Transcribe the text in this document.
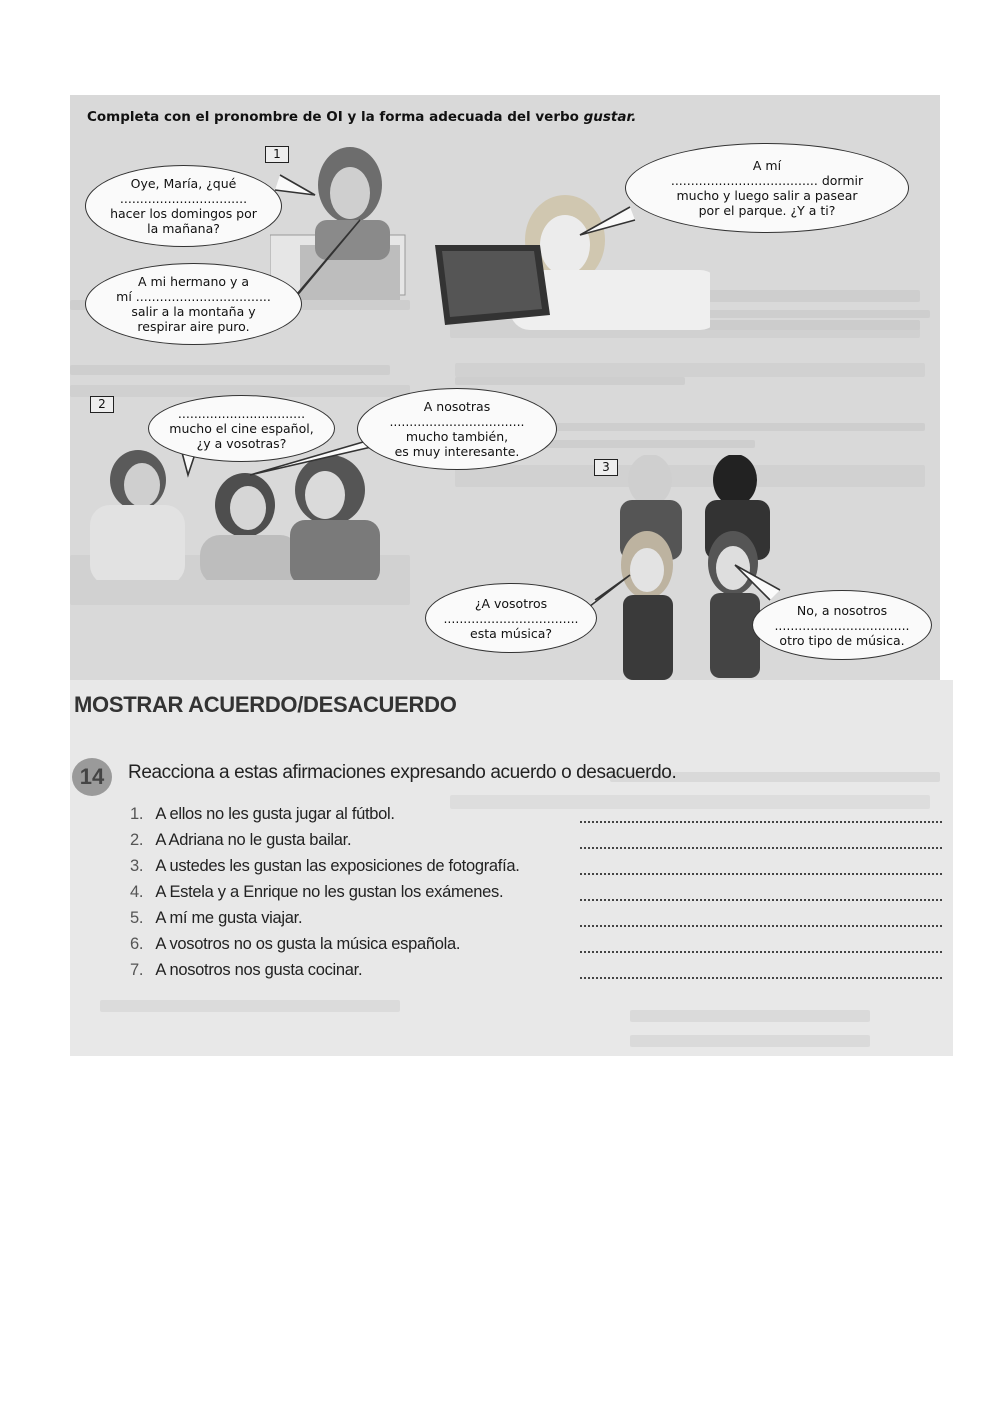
Completa con el pronombre de OI y la forma adecuada del verbo gustar.
1
2
3
Oye, María, ¿qué
................................
hacer los domingos por
la mañana?
A mí
..................................... dormir
mucho y luego salir a pasear
por el parque. ¿Y a ti?
A mi hermano y a
mí ..................................
salir a la montaña y
respirar aire puro.
................................
mucho el cine español,
¿y a vosotras?
A nosotras
..................................
mucho también,
es muy interesante.
¿A vosotros
..................................
esta música?
No, a nosotros
..................................
otro tipo de música.
MOSTRAR ACUERDO/DESACUERDO
14	Reacciona a estas afirmaciones expresando acuerdo o desacuerdo.
1. A ellos no les gusta jugar al fútbol.
2. A Adriana no le gusta bailar.
3. A ustedes les gustan las exposiciones de fotografía.
4. A Estela y a Enrique no les gustan los exámenes.
5. A mí me gusta viajar.
6. A vosotros no os gusta la música española.
7. A nosotros nos gusta cocinar.
